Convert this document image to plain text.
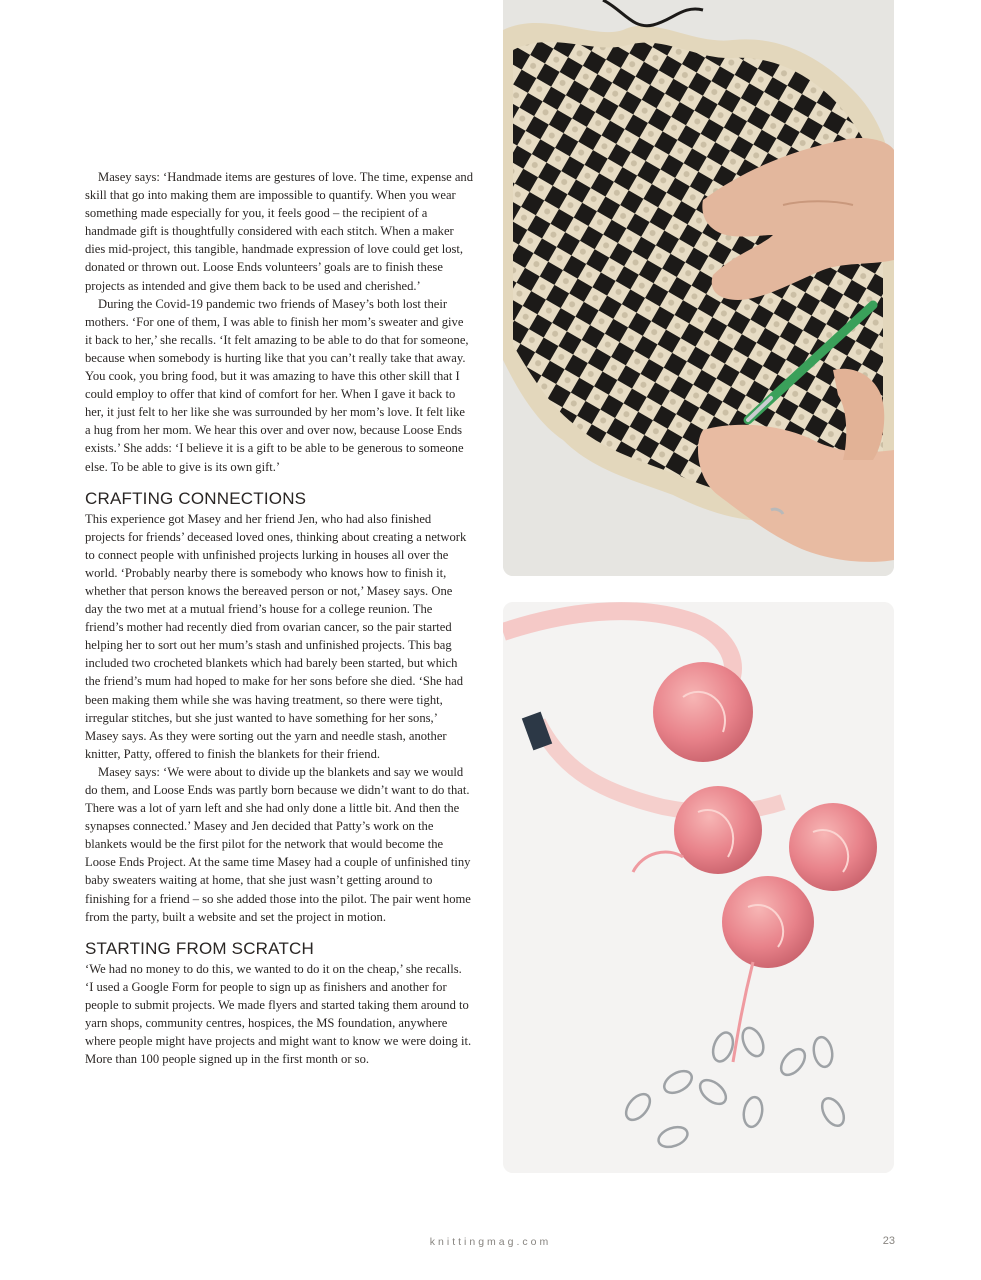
Masey says: ‘Handmade items are gestures of love. The time, expense and skill that go into making them are impossible to quantify. When you wear something made especially for you, it feels good – the recipient of a handmade gift is thoughtfully considered with each stitch. When a maker dies mid-project, this tangible, handmade expression of love could get lost, donated or thrown out. Loose Ends volunteers’ goals are to finish these projects as intended and give them back to be used and cherished.’

During the Covid-19 pandemic two friends of Masey’s both lost their mothers. ‘For one of them, I was able to finish her mom’s sweater and give it back to her,’ she recalls. ‘It felt amazing to be able to do that for someone, because when somebody is hurting like that you can’t really take that away. You cook, you bring food, but it was amazing to have this other skill that I could employ to offer that kind of comfort for her. When I gave it back to her, it just felt to her like she was surrounded by her mom’s love. It felt like a hug from her mom. We hear this over and over now, because Loose Ends exists.’ She adds: ‘I believe it is a gift to be able to be generous to someone else. To be able to give is its own gift.’

CRAFTING CONNECTIONS

This experience got Masey and her friend Jen, who had also finished projects for friends’ deceased loved ones, thinking about creating a network to connect people with unfinished projects lurking in houses all over the world. ‘Probably nearby there is somebody who knows how to finish it, whether that person knows the bereaved person or not,’ Masey says. One day the two met at a mutual friend’s house for a college reunion. The friend’s mother had recently died from ovarian cancer, so the pair started helping her to sort out her mum’s stash and unfinished projects. This bag included two crocheted blankets which had barely been started, but which the friend’s mum had hoped to make for her sons before she died. ‘She had been making them while she was having treatment, so there were tight, irregular stitches, but she just wanted to have something for her sons,’ Masey says. As they were sorting out the yarn and needle stash, another knitter, Patty, offered to finish the blankets for their friend.

Masey says: ‘We were about to divide up the blankets and say we would do them, and Loose Ends was partly born because we didn’t want to do that. There was a lot of yarn left and she had only done a little bit. And then the synapses connected.’ Masey and Jen decided that Patty’s work on the blankets would be the first pilot for the network that would become the Loose Ends Project. At the same time Masey had a couple of unfinished tiny baby sweaters waiting at home, that she just wasn’t getting around to finishing for a friend – so she added those into the pilot. The pair went home from the party, built a website and set the project in motion.

STARTING FROM SCRATCH

‘We had no money to do this, we wanted to do it on the cheap,’ she recalls. ‘I used a Google Form for people to sign up as finishers and another for people to submit projects. We made flyers and started taking them around to yarn shops, community centres, hospices, the MS foundation, anywhere where people might have projects and might want to know we were doing it. More than 100 people signed up in the first month or so.

knittingmag.com	23
